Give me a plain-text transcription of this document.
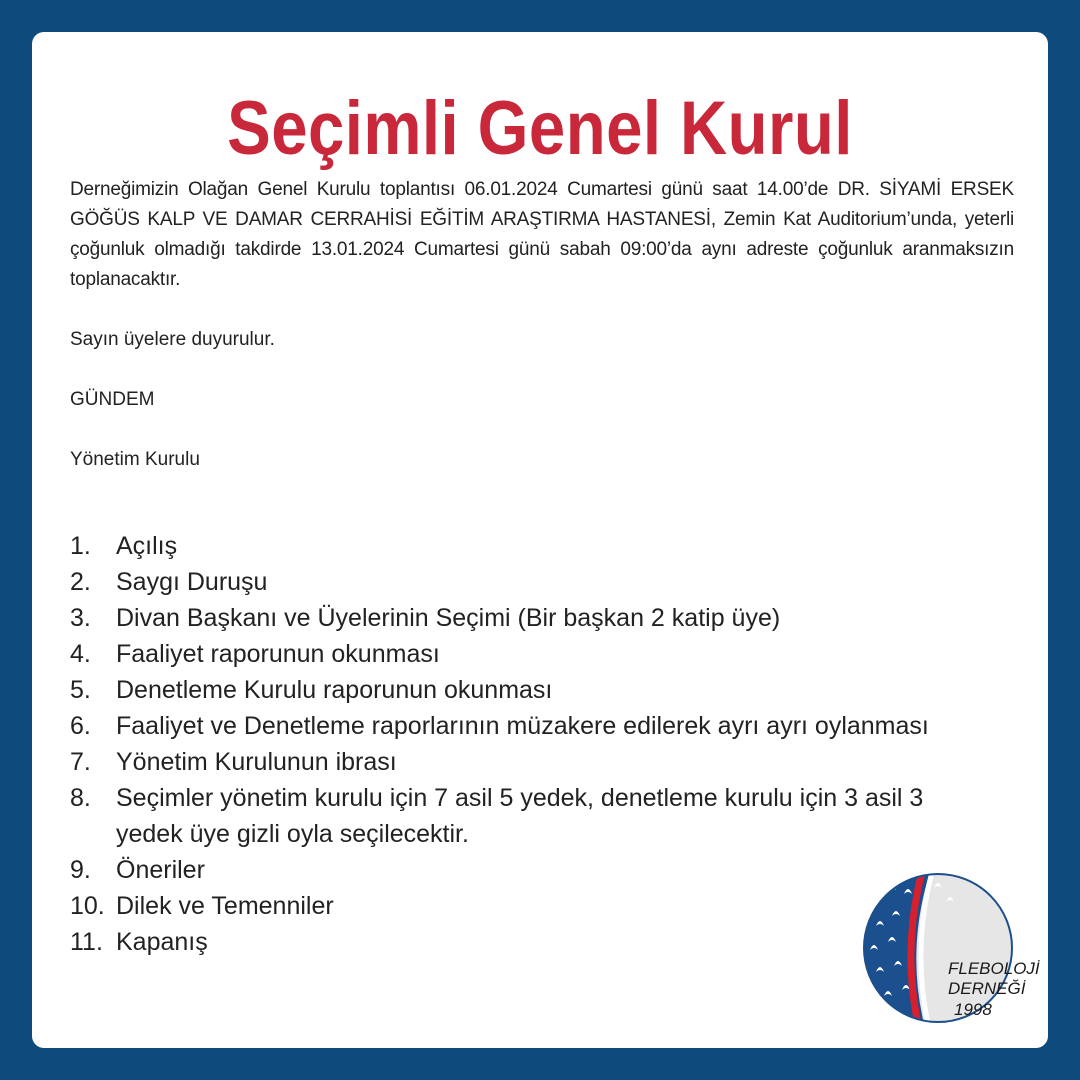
Seçimli Genel Kurul

Derneğimizin Olağan Genel Kurulu toplantısı 06.01.2024 Cumartesi günü saat 14.00’de DR. SİYAMİ ERSEK GÖĞÜS KALP VE DAMAR CERRAHİSİ EĞİTİM ARAŞTIRMA HASTANESİ, Zemin Kat Auditorium’unda, yeterli çoğunluk olmadığı takdirde 13.01.2024 Cumartesi günü sabah 09:00’da aynı adreste çoğunluk aranmaksızın toplanacaktır.

Sayın üyelere duyurulur.

GÜNDEM

Yönetim Kurulu

1.	Açılış
2.	Saygı Duruşu
3.	Divan Başkanı ve Üyelerinin Seçimi (Bir başkan 2 katip üye)
4.	Faaliyet raporunun okunması
5.	Denetleme Kurulu raporunun okunması
6.	Faaliyet ve Denetleme raporlarının müzakere edilerek ayrı ayrı oylanması
7.	Yönetim Kurulunun ibrası
8.	Seçimler yönetim kurulu için 7 asil 5 yedek, denetleme kurulu için 3 asil 3 yedek üye gizli oyla seçilecektir.
9.	Öneriler
10. Dilek ve Temenniler
11. Kapanış
FLEBOLOJİ
DERNEĞİ
1998
